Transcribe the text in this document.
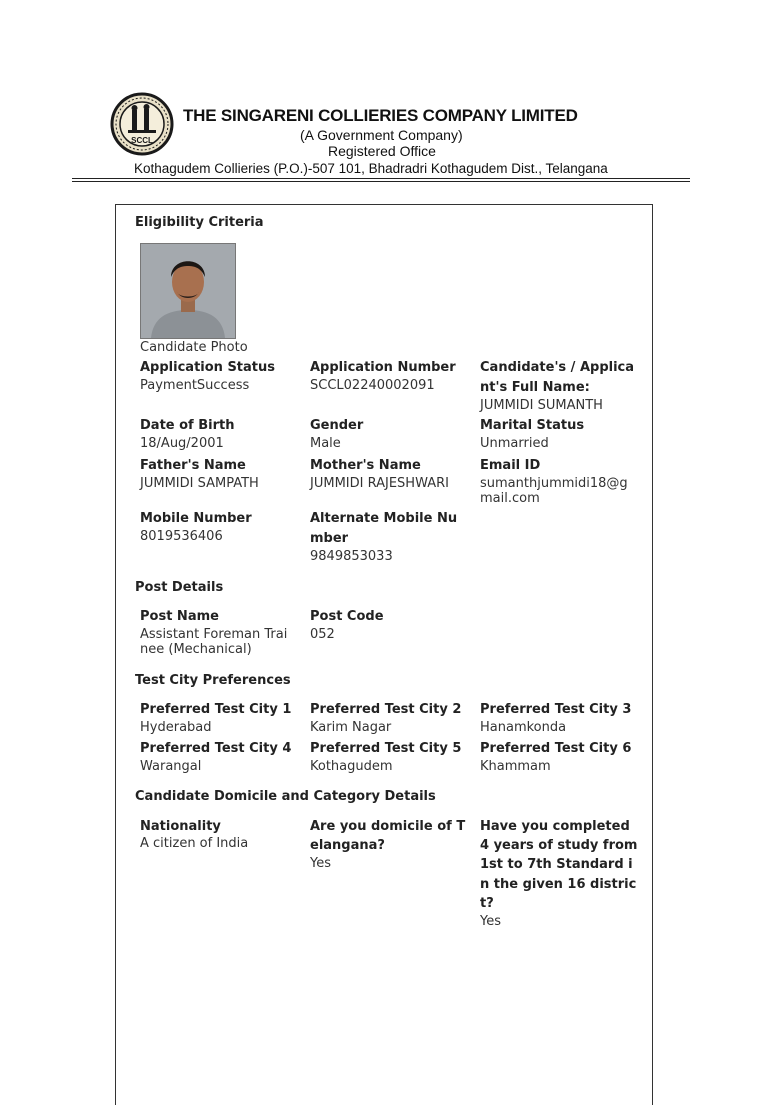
SCCL
THE SINGARENI COLLIERIES COMPANY LIMITED
(A Government Company)
Registered Office
Kothagudem Collieries (P.O.)-507 101, Bhadradri Kothagudem Dist., Telangana
Eligibility Criteria
Candidate Photo
Application Status
PaymentSuccess
Application Number
SCCL02240002091
Candidate's / Applica
nt's Full Name:
JUMMIDI SUMANTH
Date of Birth
18/Aug/2001
Gender
Male
Marital Status
Unmarried
Father's Name
JUMMIDI SAMPATH
Mother's Name
JUMMIDI RAJESHWARI
Email ID
sumanthjummidi18@g
mail.com
Mobile Number
8019536406
Alternate Mobile Nu
mber
9849853033
Post Details
Post Name
Assistant Foreman Trai
nee (Mechanical)
Post Code
052
Test City Preferences
Preferred Test City 1
Hyderabad
Preferred Test City 2
Karim Nagar
Preferred Test City 3
Hanamkonda
Preferred Test City 4
Warangal
Preferred Test City 5
Kothagudem
Preferred Test City 6
Khammam
Candidate Domicile and Category Details
Nationality
A citizen of India
Are you domicile of T
elangana?
Yes
Have you completed
4 years of study from
1st to 7th Standard i
n the given 16 distric
t?
Yes
